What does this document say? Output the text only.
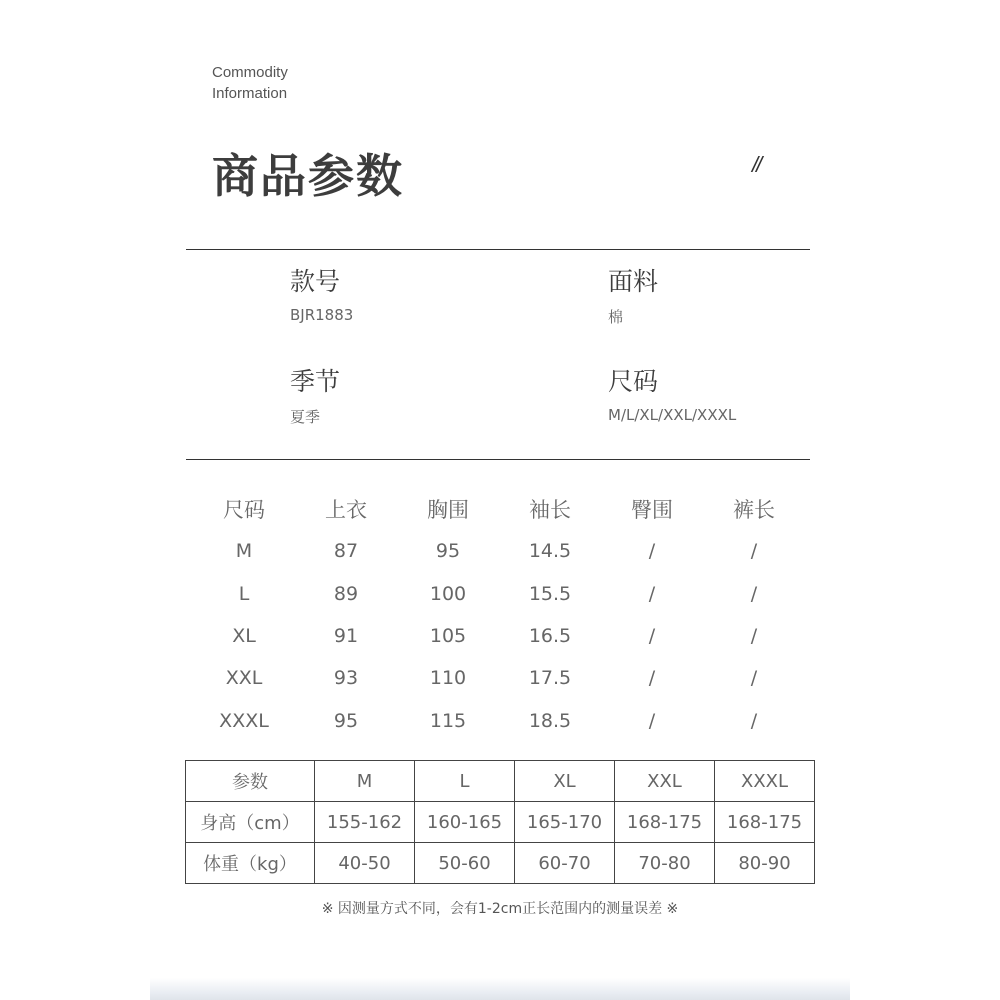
Commodity
Information
商品参数	//
款号
BJR1883
面料
棉
季节
夏季
尺码
M/L/XL/XXL/XXXL
尺码	上衣	胸围	袖长	臀围	裤长
M	87	95	14.5	/	/
L	89	100	15.5	/	/
XL	91	105	16.5	/	/
XXL	93	110	17.5	/	/
XXXL	95	115	18.5	/	/
参数	M	L	XL	XXL	XXXL
身高（cm）	155-162	160-165	165-170	168-175	168-175
体重（kg）	40-50	50-60	60-70	70-80	80-90
※ 因测量方式不同，会有1-2cm正长范围内的测量误差 ※
